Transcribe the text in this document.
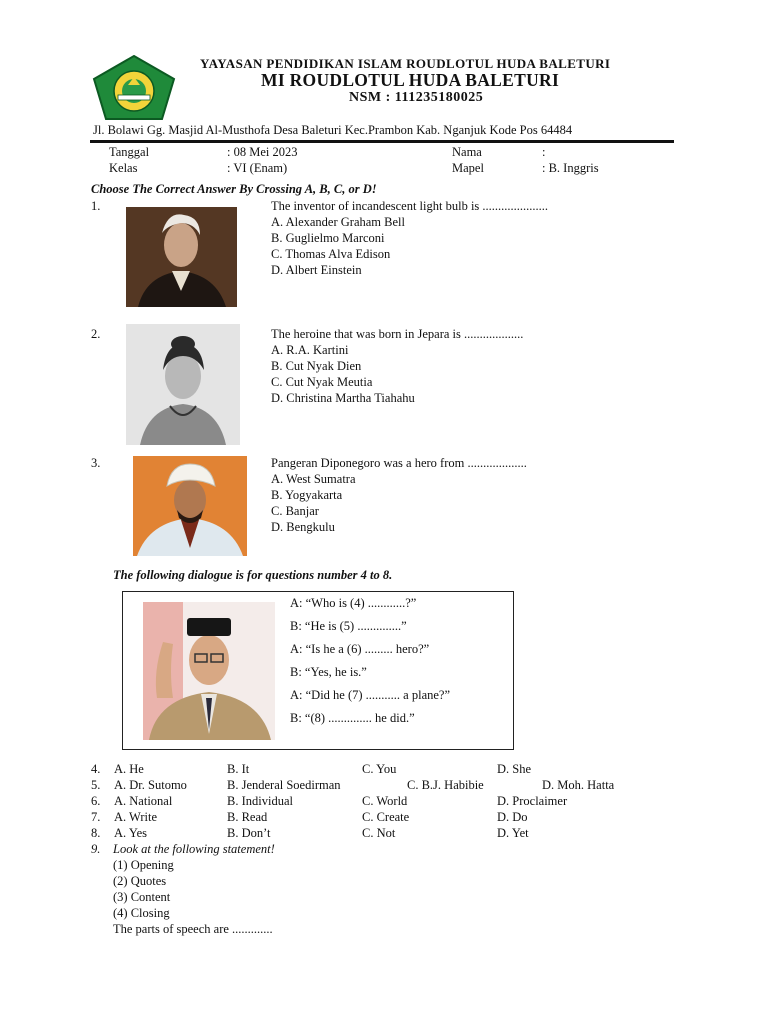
YAYASAN PENDIDIKAN ISLAM ROUDLOTUL HUDA BALETURI
MI ROUDLOTUL HUDA BALETURI
NSM : 111235180025
Jl. Bolawi Gg. Masjid Al-Musthofa Desa Baleturi Kec.Prambon Kab. Nganjuk Kode Pos 64484
Tanggal	: 08 Mei 2023	Nama	:
Kelas	: VI (Enam)	Mapel	: B. Inggris
Choose The Correct Answer By Crossing A, B, C, or D!
1.	The inventor of incandescent light bulb is .....................
A. Alexander Graham Bell
B. Guglielmo Marconi
C. Thomas Alva Edison
D. Albert Einstein
2.	The heroine that was born in Jepara is ...................
A. R.A. Kartini
B. Cut Nyak Dien
C. Cut Nyak Meutia
D. Christina Martha Tiahahu
3.	Pangeran Diponegoro was a hero from ...................
A. West Sumatra
B. Yogyakarta
C. Banjar
D. Bengkulu
The following dialogue is for questions number 4 to 8.
A: “Who is (4) ............?”
B: “He is (5) ..............”
A: “Is he a (6) ......... hero?”
B: “Yes, he is.”
A: “Did he (7) ........... a plane?”
B: “(8) .............. he did.”
4. A. He	B. It	C. You	D. She
5. A. Dr. Sutomo	B. Jenderal Soedirman	C. B.J. Habibie	D. Moh. Hatta
6. A. National	B. Individual	C. World	D. Proclaimer
7. A. Write	B. Read	C. Create	D. Do
8. A. Yes	B. Don’t	C. Not	D. Yet
9. Look at the following statement!
(1) Opening
(2) Quotes
(3) Content
(4) Closing
The parts of speech are .............
